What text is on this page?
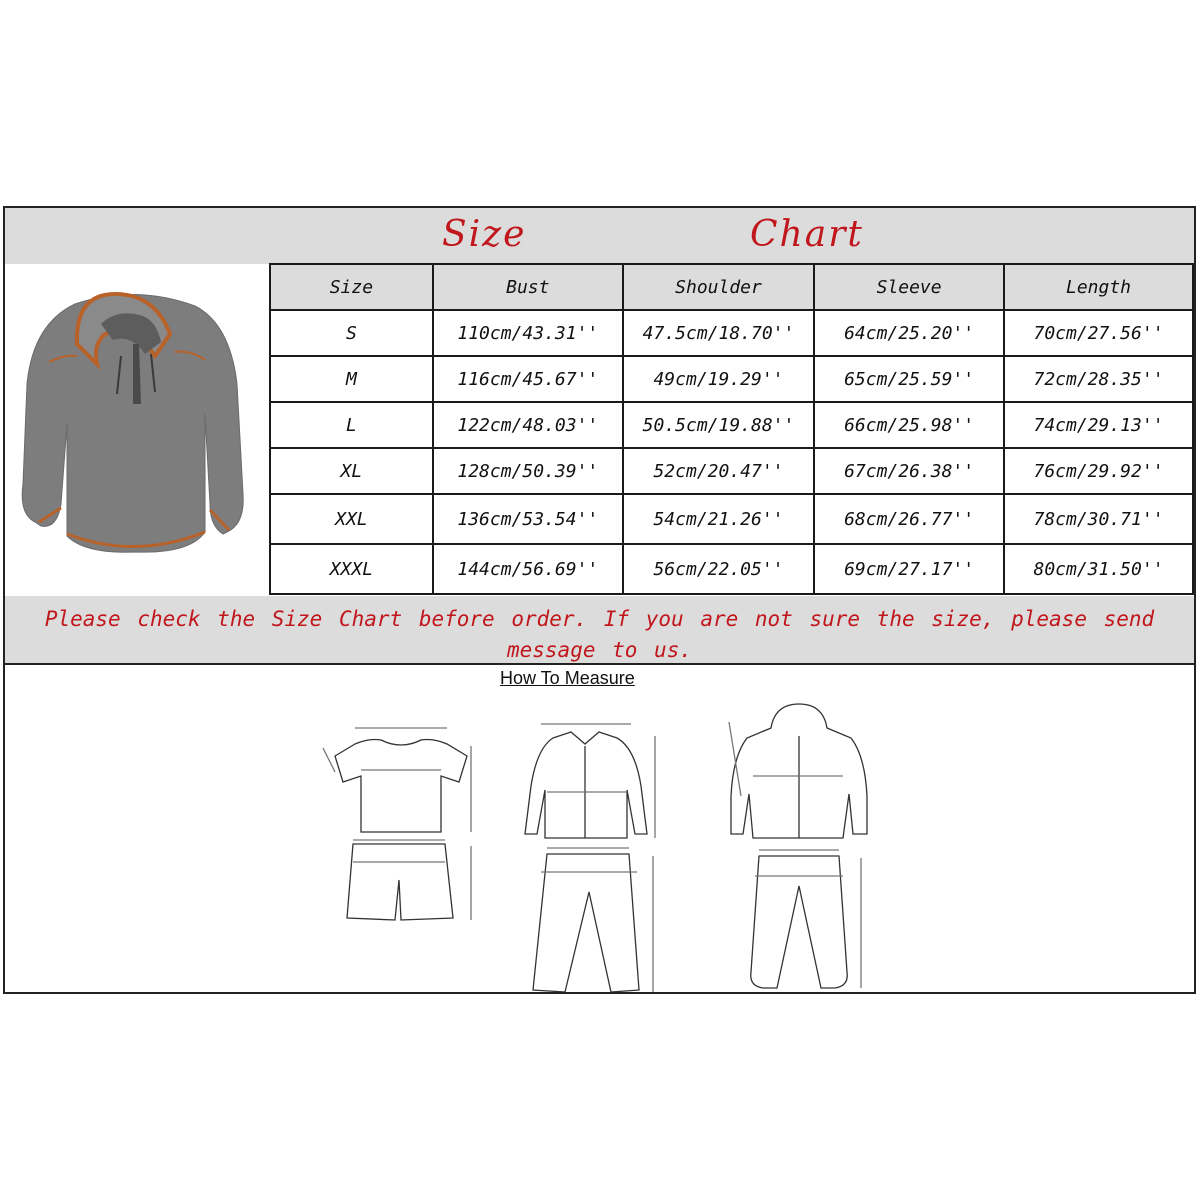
Size	Chart
Size	Bust	Shoulder	Sleeve	Length
S	110cm/43.31''	47.5cm/18.70''	64cm/25.20''	70cm/27.56''
M	116cm/45.67''	49cm/19.29''	65cm/25.59''	72cm/28.35''
L	122cm/48.03''	50.5cm/19.88''	66cm/25.98''	74cm/29.13''
XL	128cm/50.39''	52cm/20.47''	67cm/26.38''	76cm/29.92''
XXL	136cm/53.54''	54cm/21.26''	68cm/26.77''	78cm/30.71''
XXXL	144cm/56.69''	56cm/22.05''	69cm/27.17''	80cm/31.50''
Please check the Size Chart before order. If you are not sure the size, please send message to us.
How To Measure
